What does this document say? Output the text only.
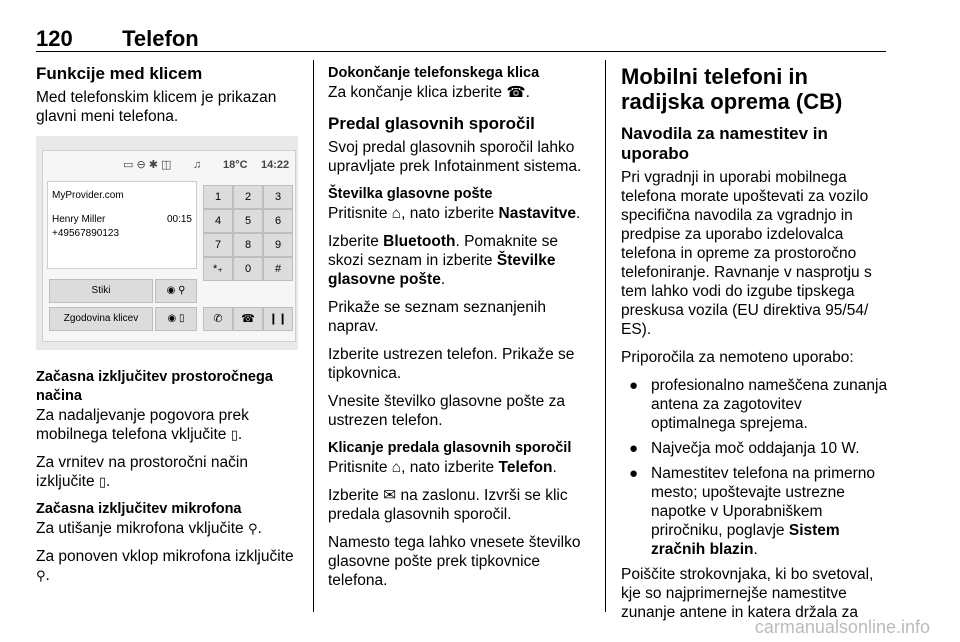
120 Telefon
Funkcije med klicem

Med telefonskim klicem je prikazan glavni meni telefona.

▭ ⊖ ✱ ◫ ♫ 18°C 14:22
MyProvider.com
Henry Miller
+49567890123
00:15
1	2	3
4	5	6
7	8	9
*₊	0	#
Stiki
Zgodovina klicev
◉ ⚲
◉ ▯	✆	☎	❙❙
Začasna izključitev prostoročnega načina

Za nadaljevanje pogovora prek mobilnega telefona vključite ▯.

Za vrnitev na prostoročni način izključite ▯.

Začasna izključitev mikrofona

Za utišanje mikrofona vključite ⚲.

Za ponoven vklop mikrofona izključite ⚲.

Dokončanje telefonskega klica

Za končanje klica izberite ☎.

Predal glasovnih sporočil

Svoj predal glasovnih sporočil lahko upravljate prek Infotainment sistema.

Številka glasovne pošte

Pritisnite ⌂, nato izberite Nastavitve.

Izberite Bluetooth. Pomaknite se skozi seznam in izberite Številke glasovne pošte.

Prikaže se seznam seznanjenih naprav.

Izberite ustrezen telefon. Prikaže se tipkovnica.

Vnesite številko glasovne pošte za ustrezen telefon.

Klicanje predala glasovnih sporočil

Pritisnite ⌂, nato izberite Telefon.

Izberite ✉ na zaslonu. Izvrši se klic predala glasovnih sporočil.

Namesto tega lahko vnesete številko glasovne pošte prek tipkovnice telefona.

Mobilni telefoni in radijska oprema (CB)
Navodila za namestitev in uporabo

Pri vgradnji in uporabi mobilnega telefona morate upoštevati za vozilo specifična navodila za vgradnjo in predpise za uporabo izdelovalca telefona in opreme za prostoročno telefoniranje. Ravnanje v nasprotju s tem lahko vodi do izgube tipskega preskusa vozila (EU direktiva 95/54/ ES).

Priporočila za nemoteno uporabo:

● profesionalno nameščena zunanja antena za zagotovitev optimalnega sprejema.
● Največja moč oddajanja 10 W.
● Namestitev telefona na primerno mesto; upoštevajte ustrezne napotke v Uporabniškem priročniku, poglavje Sistem zračnih blazin.

Poiščite strokovnjaka, ki bo svetoval, kje so najprimernejše namestitve zunanje antene in katera držala za

carmanualsonline.info
